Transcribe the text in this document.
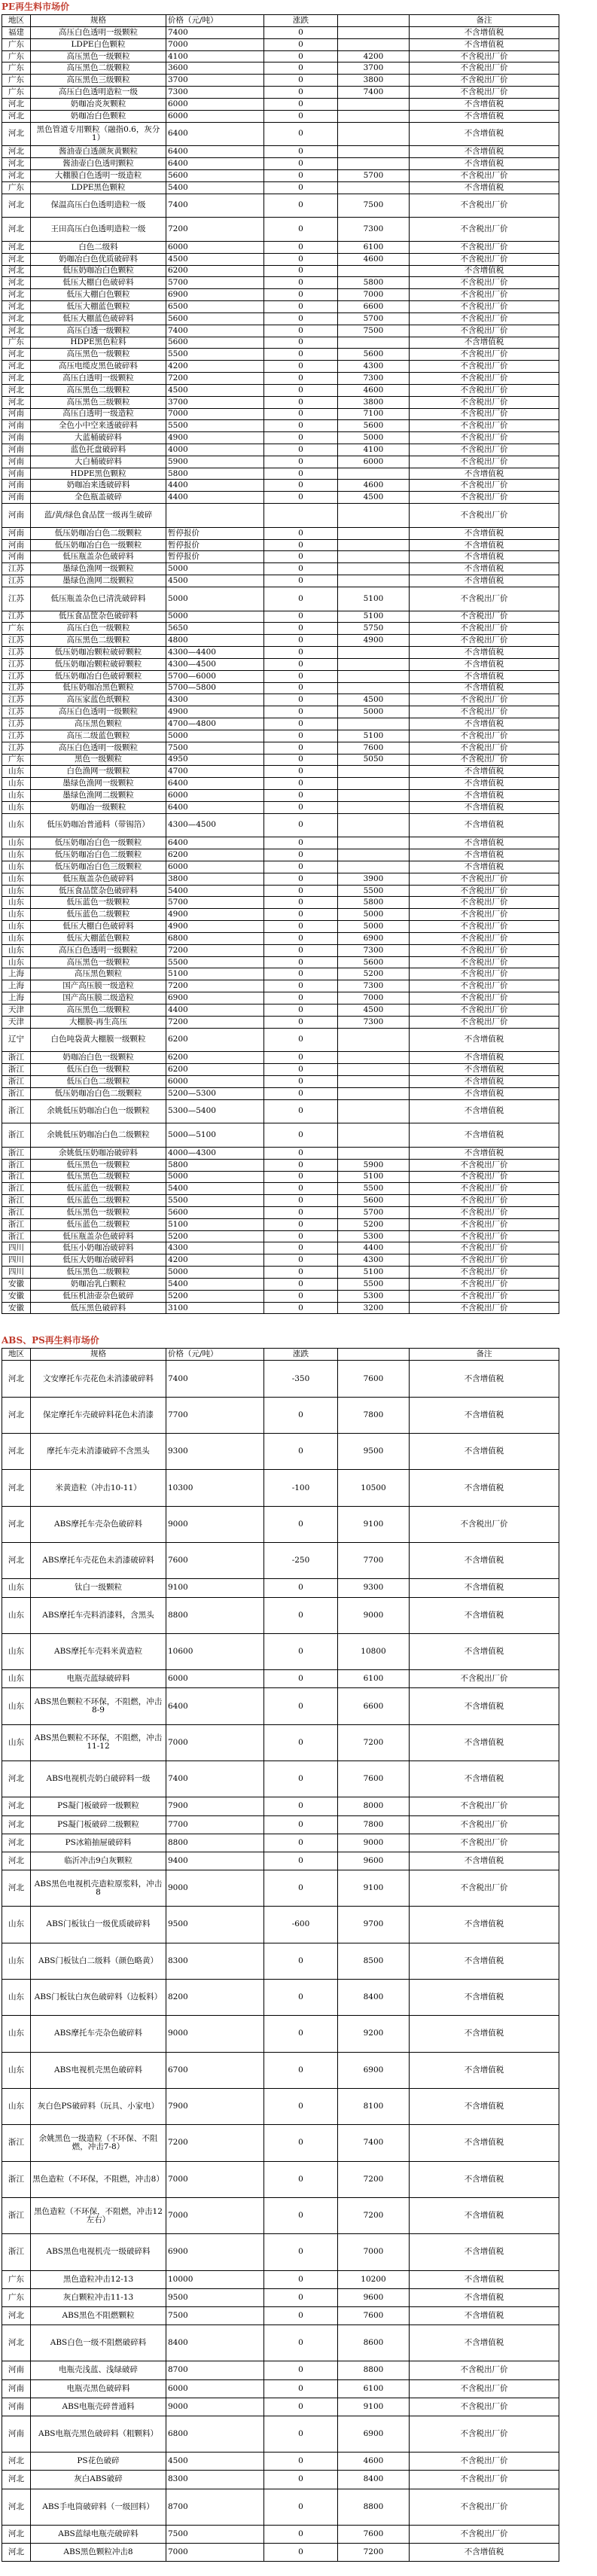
PE再生料市场价
地区	规格	价格（元/吨）	涨跌		备注
福建	高压白色透明一级颗粒	7400	0		不含增值税
广东	LDPE白色颗粒	7000	0		不含增值税
广东	高压黑色一级颗粒	4100	0	4200	不含税出厂价
广东	高压黑色二级颗粒	3600	0	3700	不含税出厂价
广东	高压黑色三级颗粒	3700	0	3800	不含税出厂价
广东	高压白色透明造粒一级	7300	0	7400	不含税出厂价
河北	奶咖冶炎灰颗粒	6000	0		不含增值税
河北	奶咖冶白色颗粒	6000	0		不含增值税
河北	黑色管道专用颗粒（融指0.6，灰分1）	6400	0		不含增值税
河北	酱油壶白透颜灰黄颗粒	6400	0		不含增值税
河北	酱油壶白色透明颗粒	6400	0		不含增值税
河北	大棚膜白色透明一级造粒	5600	0	5700	不含税出厂价
广东	LDPE黑色颗粒	5400	0		不含增值税
河北	保温高压白色透明造粒一级	7400	0	7500	不含税出厂价
河北	王田高压白色透明造粒一级	7200	0	7300	不含税出厂价
河北	白色二级料	6000	0	6100	不含税出厂价
河北	奶咖冶白色优质破碎料	4500	0	4600	不含税出厂价
河北	低压奶咖冶白色颗粒	6200	0		不含增值税
河北	低压大棚白色破碎料	5700	0	5800	不含税出厂价
河北	低压大棚白色颗粒	6900	0	7000	不含税出厂价
河北	低压大棚蓝色颗粒	6500	0	6600	不含税出厂价
河北	低压大棚蓝色破碎料	5600	0	5700	不含税出厂价
河北	高压白透一级颗粒	7400	0	7500	不含税出厂价
广东	HDPE黑色粒料	5600	0		不含增值税
河北	高压黑色一级颗粒	5500	0	5600	不含税出厂价
河北	高压电缆皮黑色破碎料	4200	0	4300	不含税出厂价
河北	高压白透明一级颗粒	7200	0	7300	不含税出厂价
河北	高压黑色二级颗粒	4500	0	4600	不含税出厂价
河北	高压黑色三级颗粒	3700	0	3800	不含税出厂价
河南	高压白透明一级造粒	7000	0	7100	不含税出厂价
河南	全色小中空来透破碎料	5500	0	5600	不含税出厂价
河南	大蓝桶破碎料	4900	0	5000	不含税出厂价
河南	蓝色托盘破碎料	4000	0	4100	不含税出厂价
河南	大白桶破碎料	5900	0	6000	不含税出厂价
河南	HDPE黑色颗粒	5800	0		不含增值税
河南	奶咖冶来透破碎料	4400	0	4600	不含税出厂价
河南	全色瓶盖破碎	4400	0	4500	不含税出厂价
河南	蓝/黄/绿色食品筐一级再生破碎				不含税出厂价
河南	低压奶咖冶白色二级颗粒	暂停报价	0		不含增值税
河南	低压奶咖冶白色一级颗粒	暂停报价	0		不含增值税
河南	低压瓶盖杂色破碎料	暂停报价	0		不含增值税
江苏	墨绿色渔网一级颗粒	5000	0		不含增值税
江苏	墨绿色渔网二级颗粒	4500	0		不含增值税
江苏	低压瓶盖杂色已清洗破碎料	5000	0	5100	不含税出厂价
江苏	低压食品筐杂色破碎料	5000	0	5100	不含税出厂价
广东	高压白色一级颗粒	5650	0	5750	不含税出厂价
江苏	高压黑色二级颗粒	4800	0	4900	不含税出厂价
江苏	低压奶咖冶颗粒破碎颗粒	4300—4400	0		不含增值税
江苏	低压奶咖冶颗粒破碎颗粒	4300—4500	0		不含增值税
江苏	低压奶咖冶白色破碎颗粒	5700—6000	0		不含增值税
江苏	低压奶咖冶黑色颗粒	5700—5800	0		不含增值税
江苏	高压家蓝色纸颗粒	4300	0	4500	不含税出厂价
江苏	高压白色透明一级颗粒	4900	0	5000	不含税出厂价
江苏	高压黑色颗粒	4700—4800	0		不含增值税
江苏	高压二级蓝色颗粒	5000	0	5100	不含税出厂价
江苏	高压白色透明一级颗粒	7500	0	7600	不含税出厂价
广东	黑色一级颗粒	4950	0	5050	不含税出厂价
山东	白色渔网一级颗粒	4700	0		不含增值税
山东	墨绿色渔网一级颗粒	6400	0		不含增值税
山东	墨绿色渔网二级颗粒	6000	0		不含增值税
山东	奶咖冶一级颗粒	6400	0		不含增值税
山东	低压奶咖冶普通料（带锡箔）	4300—4500	0		不含增值税
山东	低压奶咖冶白色一级颗粒	6400	0		不含增值税
山东	低压奶咖冶白色二级颗粒	6200	0		不含增值税
山东	低压奶咖冶白色三级颗粒	6000	0		不含增值税
山东	低压瓶盖杂色破碎料	3800	0	3900	不含税出厂价
山东	低压食品筐杂色破碎料	5400	0	5500	不含税出厂价
山东	低压蓝色一级颗粒	5700	0	5800	不含税出厂价
山东	低压蓝色二级颗粒	4900	0	5000	不含税出厂价
山东	低压大棚白色破碎料	4900	0	5000	不含税出厂价
山东	低压大棚蓝色颗粒	6800	0	6900	不含税出厂价
山东	高压白色透明一级颗粒	7200	0	7300	不含税出厂价
山东	高压黑色一级颗粒	5500	0	5600	不含税出厂价
上海	高压黑色颗粒	5100	0	5200	不含税出厂价
上海	国产高压膜一级造粒	7200	0	7300	不含税出厂价
上海	国产高压膜二级造粒	6900	0	7000	不含税出厂价
天津	高压黑色二级颗粒	4400	0	4500	不含税出厂价
天津	大棚膜-再生高压	7200	0	7300	不含税出厂价
辽宁	白色吨袋黄大棚膜一级颗粒	6200	0		不含增值税
浙江	奶咖冶白色一级颗粒	6200	0		不含增值税
浙江	低压白色一级颗粒	6200	0		不含增值税
浙江	低压白色二级颗粒	6000	0		不含增值税
浙江	低压奶咖冶白色二级颗粒	5200—5300	0		不含增值税
浙江	余姚低压奶咖冶白色一级颗粒	5300—5400	0		不含增值税
浙江	余姚低压奶咖冶白色二级颗粒	5000—5100	0		不含增值税
浙江	余姚低压奶咖冶破碎料	4000—4300	0		不含增值税
浙江	低压黑色一级颗粒	5800	0	5900	不含税出厂价
浙江	低压黑色二级颗粒	5000	0	5100	不含税出厂价
浙江	低压蓝色一级颗粒	5400	0	5500	不含税出厂价
浙江	低压蓝色二级颗粒	5500	0	5600	不含税出厂价
浙江	低压黑色一级颗粒	5600	0	5700	不含税出厂价
浙江	低压蓝色二级颗粒	5100	0	5200	不含税出厂价
浙江	低压瓶盖杂色破碎料	5200	0	5300	不含税出厂价
四川	低压小奶咖冶破碎料	4300	0	4400	不含税出厂价
四川	低压大奶咖冶破碎料	4200	0	4300	不含税出厂价
四川	低压黑色二级颗粒	5000	0	5100	不含税出厂价
安徽	奶咖冶乳白颗粒	5400	0	5500	不含税出厂价
安徽	低压机油壶杂色破碎	5200	0	5300	不含税出厂价
安徽	低压黑色破碎料	3100	0	3200	不含税出厂价
ABS、PS再生料市场价
地区	规格	价格（元/吨）	涨跌		备注
河北	文安摩托车壳花色未消漆破碎料	7400	-350	7600	不含增值税
河北	保定摩托车壳破碎料花色未消漆	7700	0	7800	不含增值税
河北	摩托车壳未消漆破碎不含黑头	9300	0	9500	不含增值税
河北	米黄造粒（冲击10-11）	10300	-100	10500	不含增值税
河北	ABS摩托车壳杂色破碎料	9000	0	9100	不含税出厂价
河北	ABS摩托车壳花色未消漆破碎料	7600	-250	7700	不含增值税
山东	钛白一级颗粒	9100	0	9300	不含增值税
山东	ABS摩托车壳料消漆料，含黑头	8800	0	9000	不含增值税
山东	ABS摩托车壳料米黄造粒	10600	0	10800	不含增值税
山东	电瓶壳蓝绿破碎料	6000	0	6100	不含税出厂价
山东	ABS黑色颗粒不环保，不阻燃，冲击8-9	6400	0	6600	不含增值税
山东	ABS黑色颗粒不环保，不阻燃，冲击11-12	7000	0	7200	不含增值税
河北	ABS电视机壳奶白破碎料一级	7400	0	7600	不含增值税
河北	PS凝门板破碎一级颗粒	7900	0	8000	不含税出厂价
河北	PS凝门板破碎二级颗粒	7700	0	7800	不含税出厂价
河北	PS冰箱抽屉破碎料	8800	0	9000	不含税出厂价
河北	临沂冲击9白灰颗粒	9400	0	9600	不含增值税
河北	ABS黑色电视机壳造粒原浆料，冲击8	9000	0	9100	不含税出厂价
山东	ABS门板钛白一级优质破碎料	9500	-600	9700	不含增值税
山东	ABS门板钛白二级料（颜色略黄）	8300	0	8500	不含增值税
山东	ABS门板钛白灰色破碎料（边板料）	8200	0	8400	不含增值税
山东	ABS摩托车壳杂色破碎料	9000	0	9200	不含增值税
山东	ABS电视机壳黑色破碎料	6700	0	6900	不含增值税
山东	灰白色PS破碎料（玩具、小家电）	7900	0	8100	不含增值税
浙江	余姚黑色一级造粒（不环保、不阻燃，冲击7-8）	7200	0	7400	不含增值税
浙江	黑色造粒（不环保，不阻燃，冲击8）	7000	0	7200	不含增值税
浙江	黑色造粒（不环保，不阻燃，冲击12左右）	7000	0	7200	不含增值税
浙江	ABS黑色电视机壳一级破碎料	6900	0	7000	不含增值税
广东	黑色造粒冲击12-13	10000	0	10200	不含增值税
广东	灰白颗粒冲击11-13	9500	0	9600	不含增值税
河北	ABS黑色不阻燃颗粒	7500	0	7600	不含增值税
河北	ABS白色一级不阻燃破碎料	8400	0	8600	不含增值税
河南	电瓶壳浅蓝、浅绿破碎	8700	0	8800	不含税出厂价
河南	电瓶壳黑色破碎料	6000	0	6100	不含税出厂价
河南	ABS电瓶壳碎普通料	9000	0	9100	不含税出厂价
河南	ABS电瓶壳黑色破碎料（粗颗料）	6800	0	6900	不含税出厂价
河北	PS花色破碎	4500	0	4600	不含税出厂价
河北	灰白ABS破碎	8300	0	8400	不含税出厂价
河北	ABS手电筒破碎料（一级回料）	8700	0	8800	不含税出厂价
河北	ABS蓝绿电瓶壳破碎料	7500	0	7600	不含税出厂价
河北	ABS黑色颗粒冲击8	7000	0	7200	不含增值税
